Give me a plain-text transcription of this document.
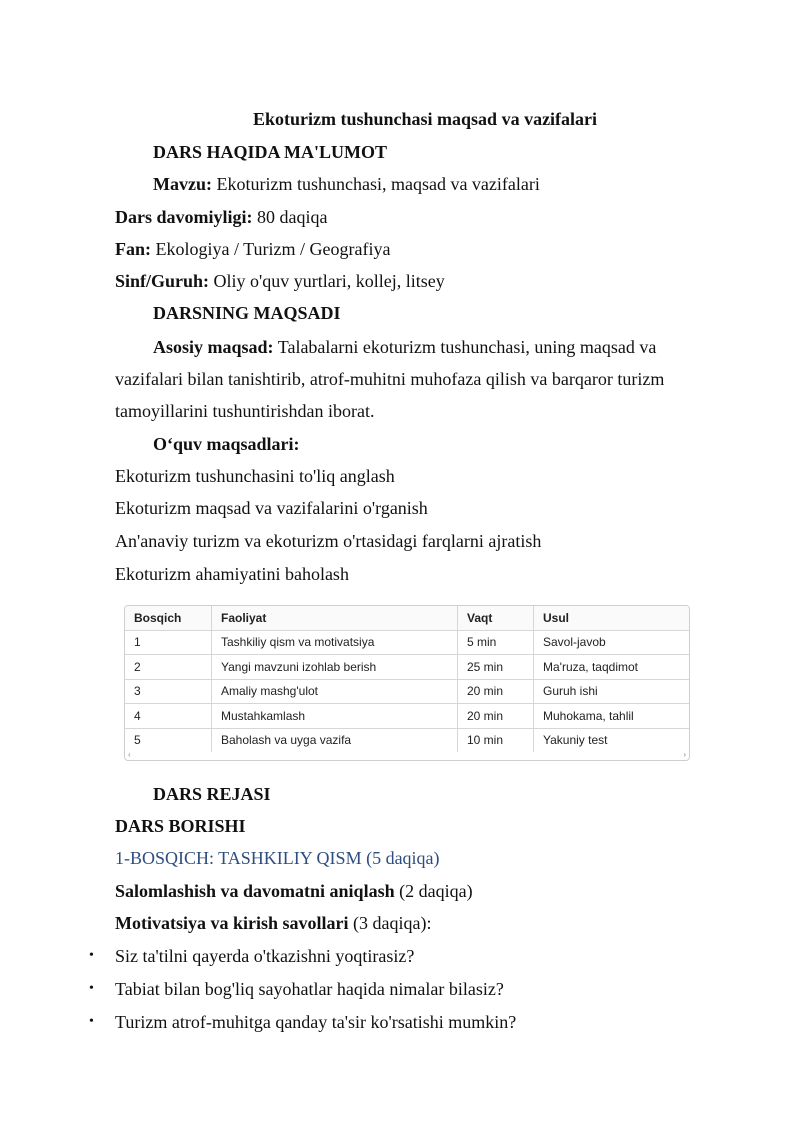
Ekoturizm tushunchasi maqsad va vazifalari
DARS HAQIDA MA'LUMOT
Mavzu: Ekoturizm tushunchasi, maqsad va vazifalari
Dars davomiyligi: 80 daqiqa
Fan: Ekologiya / Turizm / Geografiya
Sinf/Guruh: Oliy o'quv yurtlari, kollej, litsey
DARSNING MAQSADI
Asosiy maqsad: Talabalarni ekoturizm tushunchasi, uning maqsad va
vazifalari bilan tanishtirib, atrof-muhitni muhofaza qilish va barqaror turizm
tamoyillarini tushuntirishdan iborat.
O‘quv maqsadlari:
Ekoturizm tushunchasini to'liq anglash
Ekoturizm maqsad va vazifalarini o'rganish
An'anaviy turizm va ekoturizm o'rtasidagi farqlarni ajratish
Ekoturizm ahamiyatini baholash
Bosqich	Faoliyat	Vaqt	Usul
1	Tashkiliy qism va motivatsiya	5 min	Savol-javob
2	Yangi mavzuni izohlab berish	25 min	Ma'ruza, taqdimot
3	Amaliy mashg'ulot	20 min	Guruh ishi
4	Mustahkamlash	20 min	Muhokama, tahlil
5	Baholash va uyga vazifa	10 min	Yakuniy test
‹	›
DARS REJASI
DARS BORISHI
1-BOSQICH: TASHKILIY QISM (5 daqiqa)
Salomlashish va davomatni aniqlash (2 daqiqa)
Motivatsiya va kirish savollari (3 daqiqa):
• Siz ta'tilni qayerda o'tkazishni yoqtirasiz?
• Tabiat bilan bog'liq sayohatlar haqida nimalar bilasiz?
• Turizm atrof-muhitga qanday ta'sir ko'rsatishi mumkin?
